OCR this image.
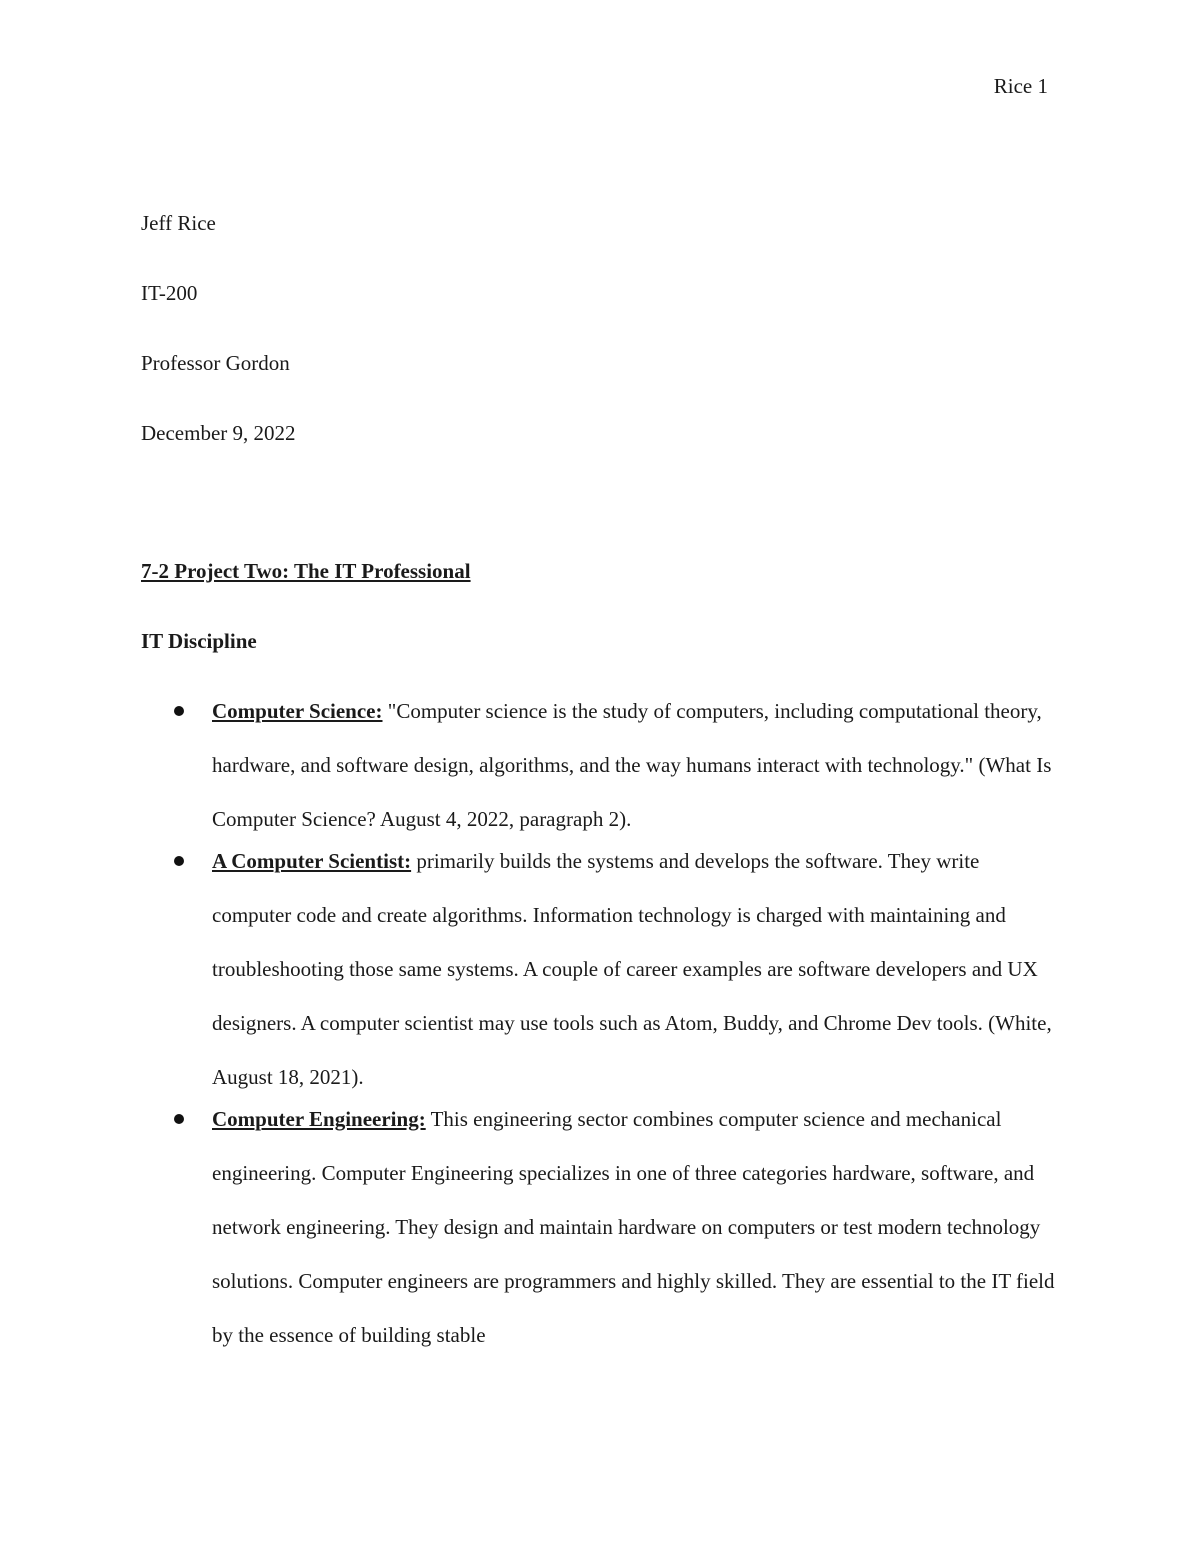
Rice 1
Jeff Rice
IT-200
Professor Gordon
December 9, 2022
7-2 Project Two: The IT Professional
IT Discipline
Computer Science: "Computer science is the study of computers, including computational theory, hardware, and software design, algorithms, and the way humans interact with technology." (What Is Computer Science? August 4, 2022, paragraph 2).
A Computer Scientist: primarily builds the systems and develops the software. They write computer code and create algorithms. Information technology is charged with maintaining and troubleshooting those same systems. A couple of career examples are software developers and UX designers. A computer scientist may use tools such as Atom, Buddy, and Chrome Dev tools. (White, August 18, 2021).
Computer Engineering: This engineering sector combines computer science and mechanical engineering. Computer Engineering specializes in one of three categories hardware, software, and network engineering. They design and maintain hardware on computers or test modern technology solutions. Computer engineers are programmers and highly skilled. They are essential to the IT field by the essence of building stable
